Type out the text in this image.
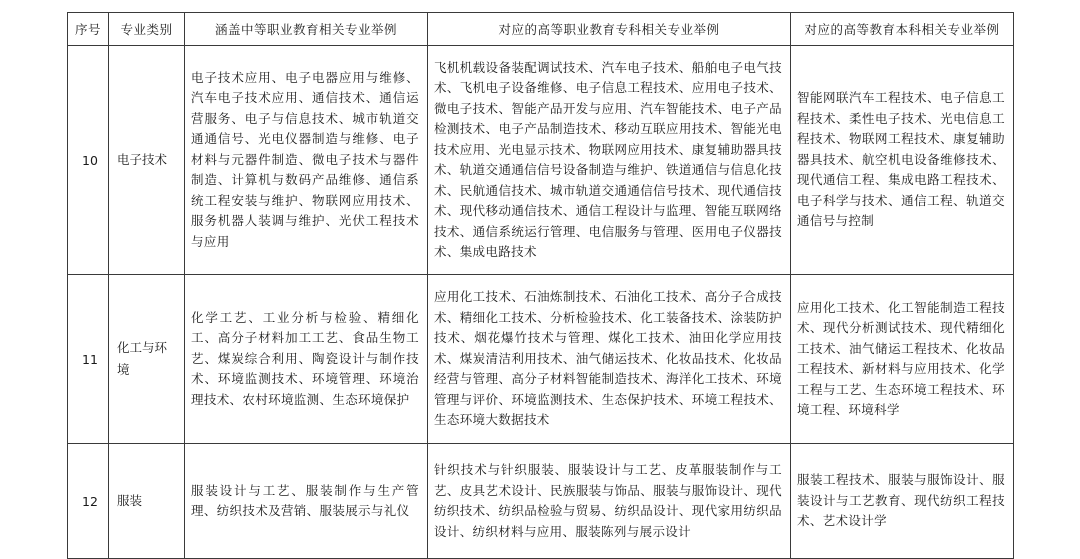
序号	专业类别	涵盖中等职业教育相关专业举例	对应的高等职业教育专科相关专业举例	对应的高等教育本科相关专业举例
10	电子技术	电子技术应用、电子电器应用与维修、汽车电子技术应用、通信技术、通信运营服务、电子与信息技术、城市轨道交通通信号、光电仪器制造与维修、电子材料与元器件制造、微电子技术与器件制造、计算机与数码产品维修、通信系统工程安装与维护、物联网应用技术、服务机器人装调与维护、光伏工程技术与应用	飞机机载设备装配调试技术、汽车电子技术、船舶电子电气技术、飞机电子设备维修、电子信息工程技术、应用电子技术、微电子技术、智能产品开发与应用、汽车智能技术、电子产品检测技术、电子产品制造技术、移动互联应用技术、智能光电技术应用、光电显示技术、物联网应用技术、康复辅助器具技术、轨道交通通信信号设备制造与维护、铁道通信与信息化技术、民航通信技术、城市轨道交通通信信号技术、现代通信技术、现代移动通信技术、通信工程设计与监理、智能互联网络技术、通信系统运行管理、电信服务与管理、医用电子仪器技术、集成电路技术	智能网联汽车工程技术、电子信息工程技术、柔性电子技术、光电信息工程技术、物联网工程技术、康复辅助器具技术、航空机电设备维修技术、现代通信工程、集成电路工程技术、电子科学与技术、通信工程、轨道交通信号与控制
11	化工与环境	化学工艺、工业分析与检验、精细化工、高分子材料加工工艺、食品生物工艺、煤炭综合利用、陶瓷设计与制作技术、环境监测技术、环境管理、环境治理技术、农村环境监测、生态环境保护	应用化工技术、石油炼制技术、石油化工技术、高分子合成技术、精细化工技术、分析检验技术、化工装备技术、涂装防护技术、烟花爆竹技术与管理、煤化工技术、油田化学应用技术、煤炭清洁利用技术、油气储运技术、化妆品技术、化妆品经营与管理、高分子材料智能制造技术、海洋化工技术、环境管理与评价、环境监测技术、生态保护技术、环境工程技术、生态环境大数据技术	应用化工技术、化工智能制造工程技术、现代分析测试技术、现代精细化工技术、油气储运工程技术、化妆品工程技术、新材料与应用技术、化学工程与工艺、生态环境工程技术、环境工程、环境科学
12	服装	服装设计与工艺、服装制作与生产管理、纺织技术及营销、服装展示与礼仪	针织技术与针织服装、服装设计与工艺、皮革服装制作与工艺、皮具艺术设计、民族服装与饰品、服装与服饰设计、现代纺织技术、纺织品检验与贸易、纺织品设计、现代家用纺织品设计、纺织材料与应用、服装陈列与展示设计	服装工程技术、服装与服饰设计、服装设计与工艺教育、现代纺织工程技术、艺术设计学
